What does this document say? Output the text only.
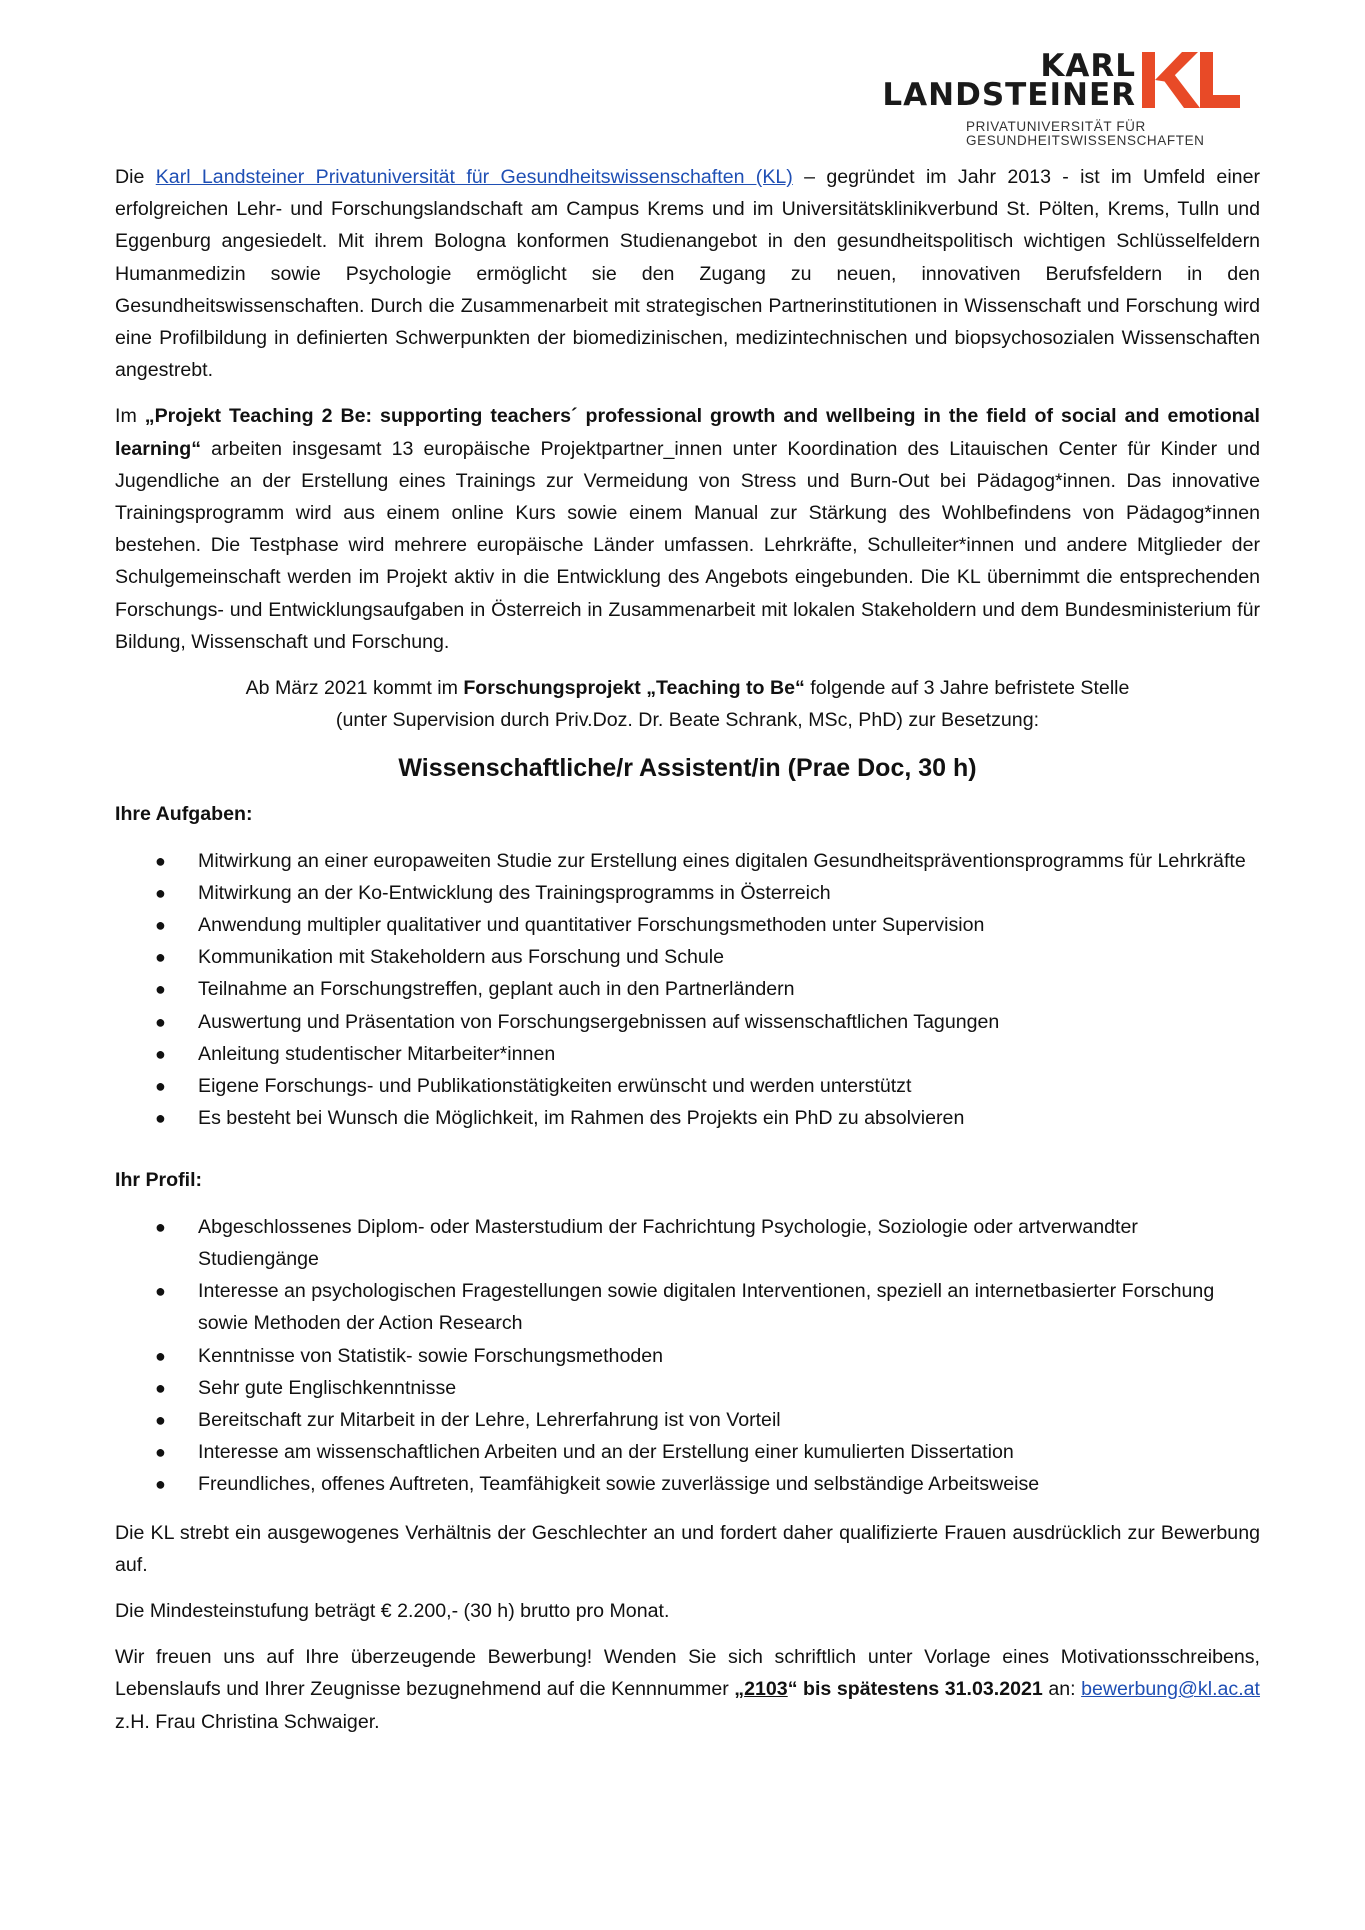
KARL
LANDSTEINER
PRIVATUNIVERSITÄT FÜR
GESUNDHEITSWISSENSCHAFTEN

Die Karl Landsteiner Privatuniversität für Gesundheitswissenschaften (KL) – gegründet im Jahr 2013 - ist im Umfeld einer erfolgreichen Lehr- und Forschungslandschaft am Campus Krems und im Universitätsklinikverbund St. Pölten, Krems, Tulln und Eggenburg angesiedelt. Mit ihrem Bologna konformen Studienangebot in den gesundheitspolitisch wichtigen Schlüsselfeldern Humanmedizin sowie Psychologie ermöglicht sie den Zugang zu neuen, innovativen Berufsfeldern in den Gesundheitswissenschaften. Durch die Zusammenarbeit mit strategischen Partnerinstitutionen in Wissenschaft und Forschung wird eine Profilbildung in definierten Schwerpunkten der biomedizinischen, medizintechnischen und biopsychosozialen Wissenschaften angestrebt.

Im „Projekt Teaching 2 Be: supporting teachers´ professional growth and wellbeing in the field of social and emotional learning“ arbeiten insgesamt 13 europäische Projektpartner_innen unter Koordination des Litauischen Center für Kinder und Jugendliche an der Erstellung eines Trainings zur Vermeidung von Stress und Burn-Out bei Pädagog*innen. Das innovative Trainingsprogramm wird aus einem online Kurs sowie einem Manual zur Stärkung des Wohlbefindens von Pädagog*innen bestehen. Die Testphase wird mehrere europäische Länder umfassen. Lehrkräfte, Schulleiter*innen und andere Mitglieder der Schulgemeinschaft werden im Projekt aktiv in die Entwicklung des Angebots eingebunden. Die KL übernimmt die entsprechenden Forschungs- und Entwicklungsaufgaben in Österreich in Zusammenarbeit mit lokalen Stakeholdern und dem Bundesministerium für Bildung, Wissenschaft und Forschung.

Ab März 2021 kommt im Forschungsprojekt „Teaching to Be“ folgende auf 3 Jahre befristete Stelle

(unter Supervision durch Priv.Doz. Dr. Beate Schrank, MSc, PhD) zur Besetzung:

Wissenschaftliche/r Assistent/in (Prae Doc, 30 h)
Ihre Aufgaben:
● Mitwirkung an einer europaweiten Studie zur Erstellung eines digitalen Gesundheitspräventionsprogramms für Lehrkräfte
● Mitwirkung an der Ko-Entwicklung des Trainingsprogramms in Österreich
● Anwendung multipler qualitativer und quantitativer Forschungsmethoden unter Supervision
● Kommunikation mit Stakeholdern aus Forschung und Schule
● Teilnahme an Forschungstreffen, geplant auch in den Partnerländern
● Auswertung und Präsentation von Forschungsergebnissen auf wissenschaftlichen Tagungen
● Anleitung studentischer Mitarbeiter*innen
● Eigene Forschungs- und Publikationstätigkeiten erwünscht und werden unterstützt
● Es besteht bei Wunsch die Möglichkeit, im Rahmen des Projekts ein PhD zu absolvieren
Ihr Profil:
● Abgeschlossenes Diplom- oder Masterstudium der Fachrichtung Psychologie, Soziologie oder artverwandter Studiengänge
● Interesse an psychologischen Fragestellungen sowie digitalen Interventionen, speziell an internetbasierter Forschung sowie Methoden der Action Research
● Kenntnisse von Statistik- sowie Forschungsmethoden
● Sehr gute Englischkenntnisse
● Bereitschaft zur Mitarbeit in der Lehre, Lehrerfahrung ist von Vorteil
● Interesse am wissenschaftlichen Arbeiten und an der Erstellung einer kumulierten Dissertation
● Freundliches, offenes Auftreten, Teamfähigkeit sowie zuverlässige und selbständige Arbeitsweise

Die KL strebt ein ausgewogenes Verhältnis der Geschlechter an und fordert daher qualifizierte Frauen ausdrücklich zur Bewerbung auf.

Die Mindesteinstufung beträgt € 2.200,- (30 h) brutto pro Monat.

Wir freuen uns auf Ihre überzeugende Bewerbung! Wenden Sie sich schriftlich unter Vorlage eines Motivationsschreibens, Lebenslaufs und Ihrer Zeugnisse bezugnehmend auf die Kennnummer „2103“ bis spätestens 31.03.2021 an: bewerbung@kl.ac.at z.H. Frau Christina Schwaiger.
